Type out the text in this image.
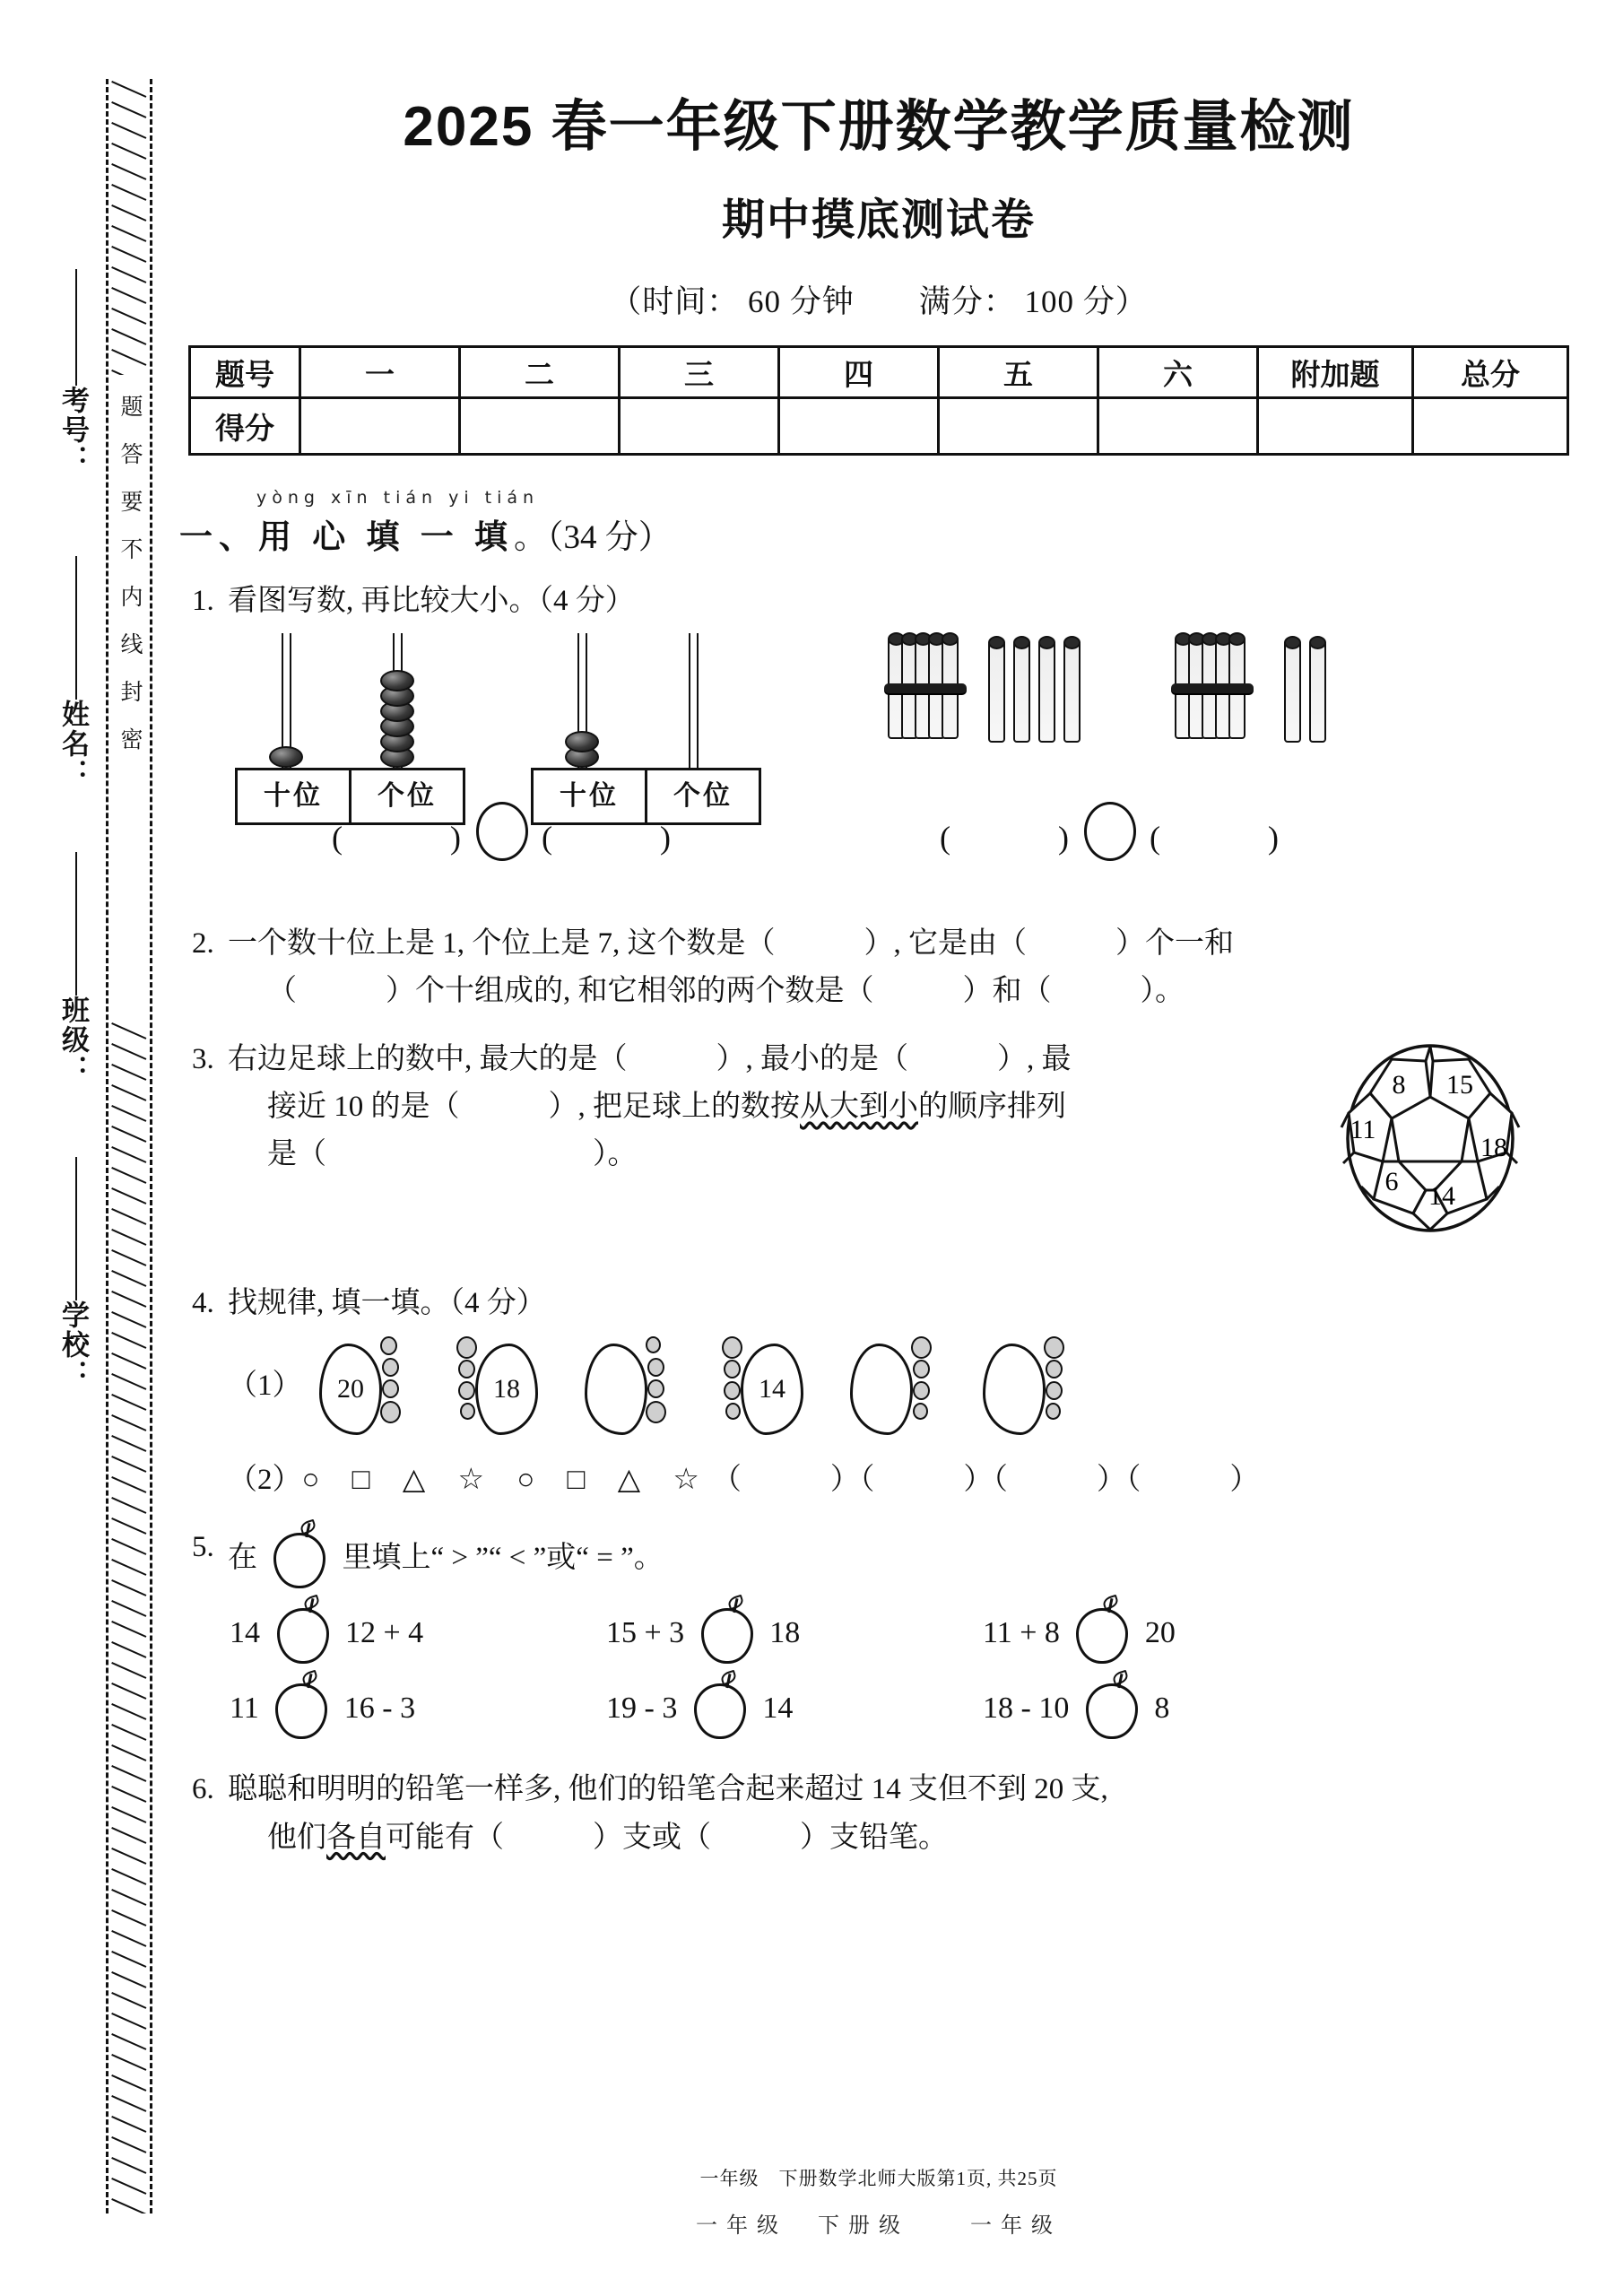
题答要不内线封密
考号：
姓名：
班级：
学校：
2025 春一年级下册数学教学质量检测
期中摸底测试卷
（时间： 60 分钟　　满分： 100 分）
题号	一	二	三	四	五	六	附加题	总分
得分								
yòng xīn tián yi tián
一、用 心 填 一 填。（34 分）
1. 看图写数, 再比较大小。（4 分）
十位	个位	十位	个位
(	) (	)	(	) (	)
2. 一个数十位上是 1, 个位上是 7, 这个数是（　　　）, 它是由（　　　）个一和
（　　　）个十组成的, 和它相邻的两个数是（　　　）和（　　　）。
3. 右边足球上的数中, 最大的是（　　　）, 最小的是（　　　）, 最
接近 10 的是（　　　）, 把足球上的数按从大到小的顺序排列
是（　　　　　　　　　）。
8 15
11
18
6 14
4. 找规律, 填一填。（4 分）
（1） 20	18	14
（2）○ □ △ ☆ ○ □ △ ☆（　　　）（　　　）（　　　）（　　　）
5. 在	里填上“ > ”“ < ”或“ = ”。
14	12 + 4	15 + 3	18	11 + 8	20
11	16 - 3	19 - 3	14	18 - 10	8
6. 聪聪和明明的铅笔一样多, 他们的铅笔合起来超过 14 支但不到 20 支,
他们各自可能有（　　　）支或（　　　）支铅笔。
一年级　下册数学北师大版第1页, 共25页
一年级　下册级　　一年级
